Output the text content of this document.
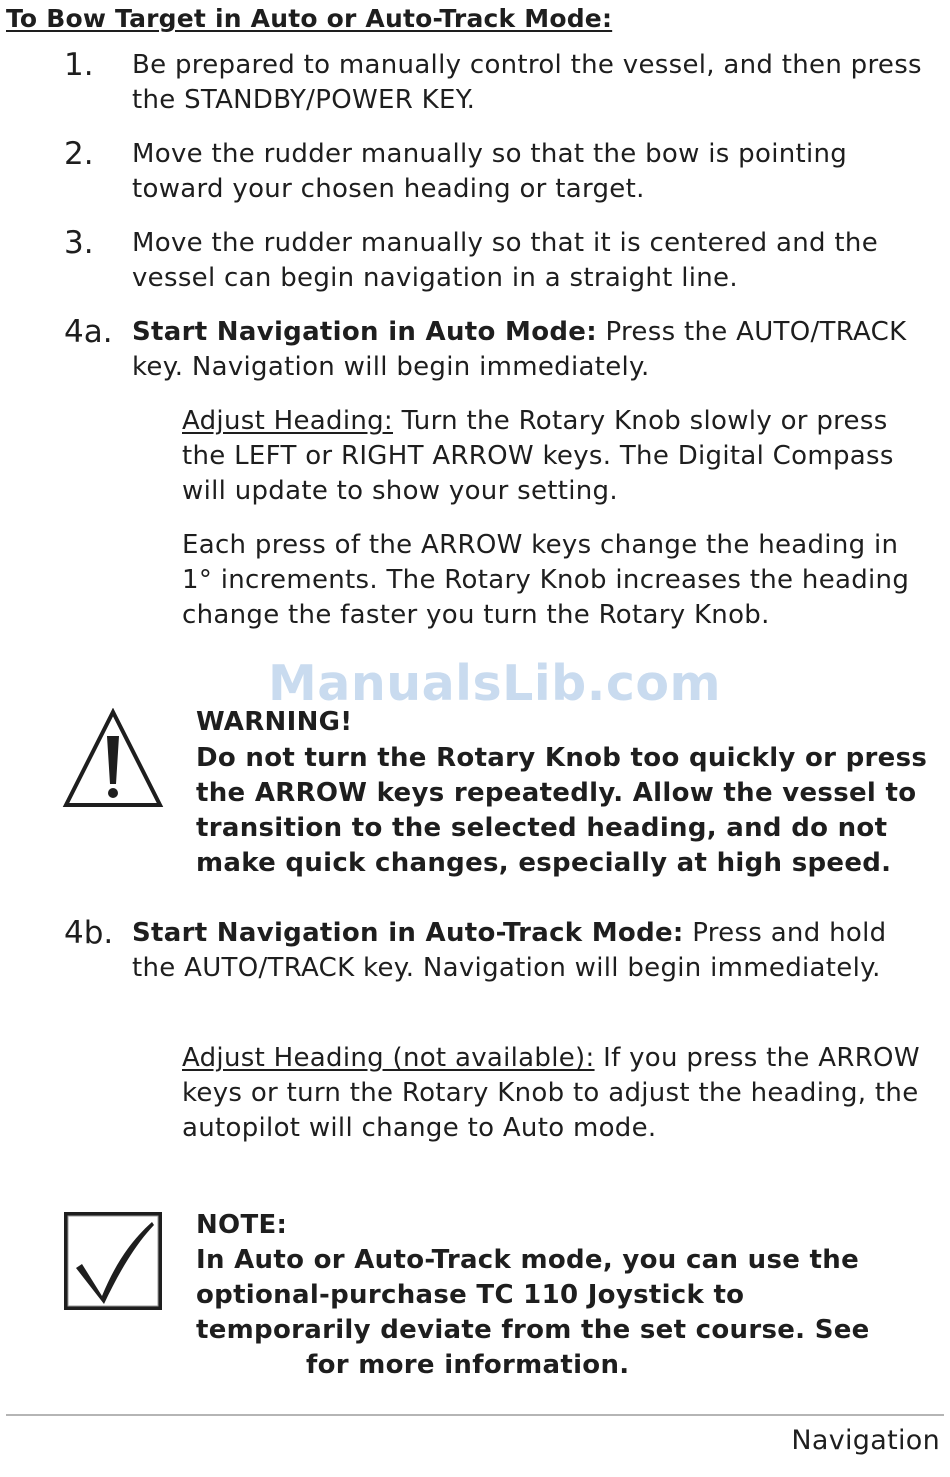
To Bow Target in Auto or Auto-Track Mode:
1. Be prepared to manually control the vessel, and then press the STANDBY/POWER KEY.
2. Move the rudder manually so that the bow is pointing toward your chosen heading or target.
3. Move the rudder manually so that it is centered and the vessel can begin navigation in a straight line.
4a. Start Navigation in Auto Mode: Press the AUTO/TRACK key. Navigation will begin immediately.
Adjust Heading: Turn the Rotary Knob slowly or press the LEFT or RIGHT ARROW keys. The Digital Compass will update to show your setting.
Each press of the ARROW keys change the heading in 1° increments. The Rotary Knob increases the heading change the faster you turn the Rotary Knob.
ManualsLib.com
WARNING!
Do not turn the Rotary Knob too quickly or press the ARROW keys repeatedly. Allow the vessel to transition to the selected heading, and do not make quick changes, especially at high speed.
4b. Start Navigation in Auto-Track Mode: Press and hold the AUTO/TRACK key. Navigation will begin immediately.
Adjust Heading (not available): If you press the ARROW keys or turn the Rotary Knob to adjust the heading, the autopilot will change to Auto mode.
NOTE:
In Auto or Auto-Track mode, you can use the optional-purchase TC 110 Joystick to temporarily deviate from the set course. Seefor more information.
Navigation
